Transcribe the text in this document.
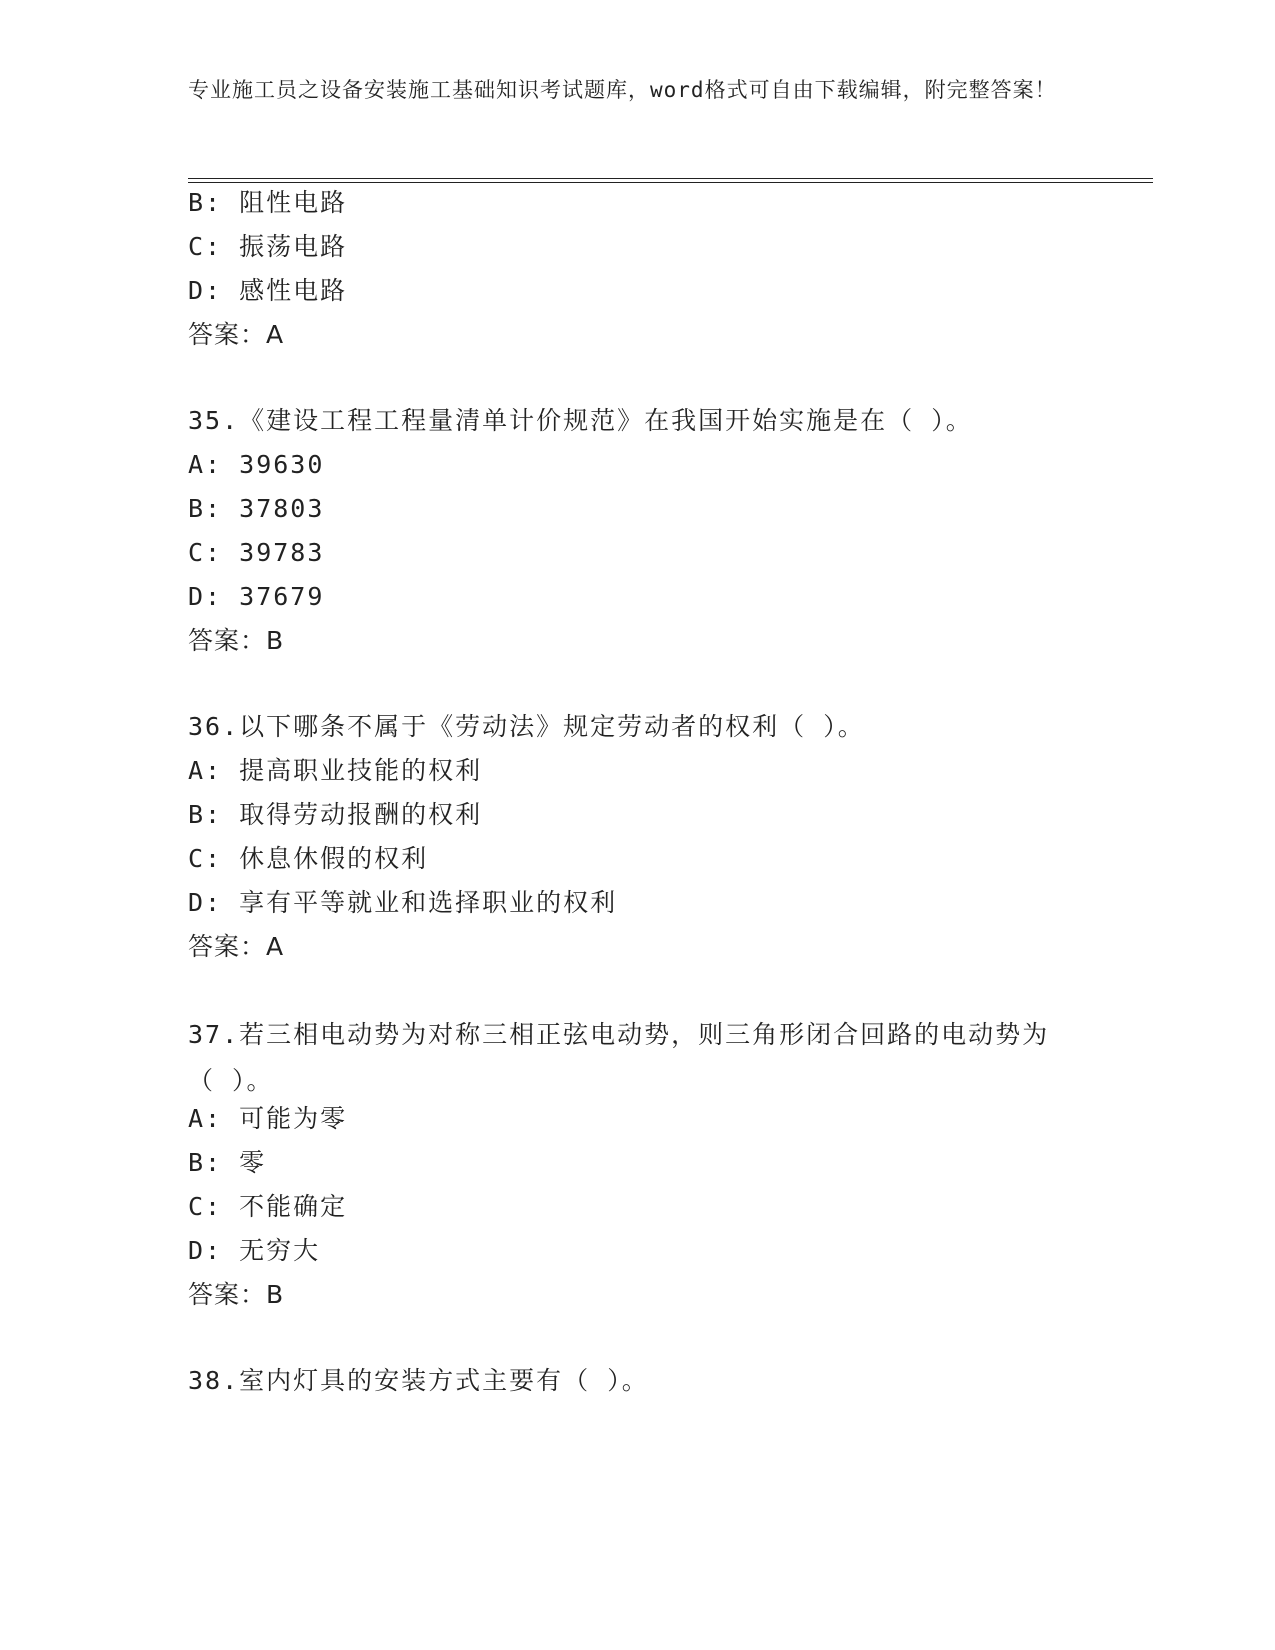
专业施工员之设备安装施工基础知识考试题库，word格式可自由下载编辑，附完整答案！
B: 阻性电路
C: 振荡电路
D: 感性电路
答案：A
35.《建设工程工程量清单计价规范》在我国开始实施是在（ ）。
A: 39630
B: 37803
C: 39783
D: 37679
答案：B
36.以下哪条不属于《劳动法》规定劳动者的权利（ ）。
A: 提高职业技能的权利
B: 取得劳动报酬的权利
C: 休息休假的权利
D: 享有平等就业和选择职业的权利
答案：A
37.若三相电动势为对称三相正弦电动势，则三角形闭合回路的电动势为（ ）。
A: 可能为零
B: 零
C: 不能确定
D: 无穷大
答案：B
38.室内灯具的安装方式主要有（ ）。
